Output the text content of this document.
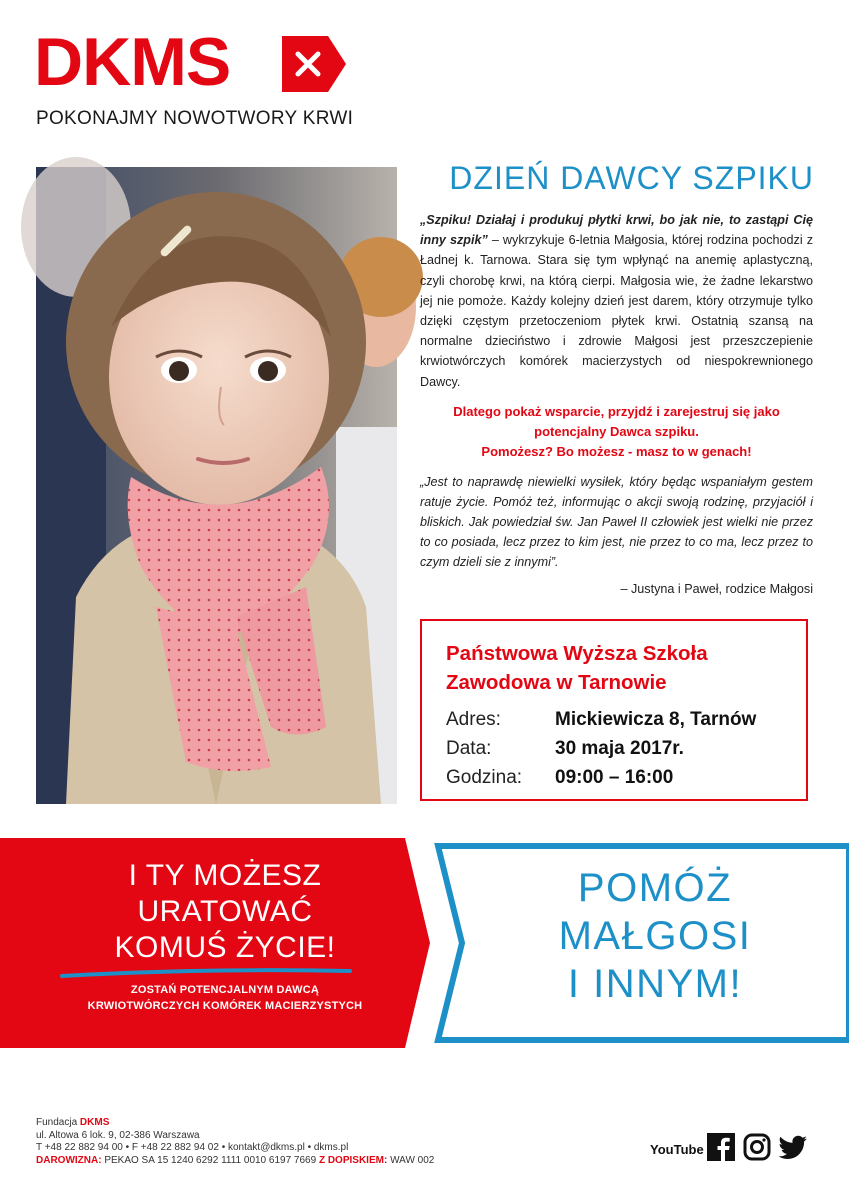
DKMS
POKONAJMY NOWOTWORY KRWI
DZIEŃ DAWCY SZPIKU
„Szpiku! Działaj i produkuj płytki krwi, bo jak nie, to zastąpi Cię inny szpik” – wykrzykuje 6-letnia Małgosia, której rodzina pochodzi z Ładnej k. Tarnowa. Stara się tym wpłynąć na anemię aplastyczną, czyli chorobę krwi, na którą cierpi. Małgosia wie, że żadne lekarstwo jej nie pomoże. Każdy kolejny dzień jest darem, który otrzymuje tylko dzięki częstym przetoczeniom płytek krwi. Ostatnią szansą na normalne dzieciństwo i zdrowie Małgosi jest przeszczepienie krwiotwórczych komórek macierzystych od niespokrewnionego Dawcy.
Dlatego pokaż wsparcie, przyjdź i zarejestruj się jako
potencjalny Dawca szpiku.
Pomożesz? Bo możesz - masz to w genach!
„Jest to naprawdę niewielki wysiłek, który będąc wspaniałym gestem ratuje życie. Pomóż też, informując o akcji swoją rodzinę, przyjaciół i bliskich. Jak powiedział św. Jan Paweł II człowiek jest wielki nie przez to co posiada, lecz przez to kim jest, nie przez to co ma, lecz przez to czym dzieli sie z innymi”.
– Justyna i Paweł, rodzice Małgosi
Państwowa Wyższa Szkoła
Zawodowa w Tarnowie
Adres:	Mickiewicza 8, Tarnów
Data:	30 maja 2017r.
Godzina: 09:00 – 16:00
I TY MOŻESZ
URATOWAĆ
KOMUŚ ŻYCIE!
ZOSTAŃ POTENCJALNYM DAWCĄ
KRWIOTWÓRCZYCH KOMÓREK MACIERZYSTYCH
POMÓŻ
MAŁGOSI
I INNYM!
Fundacja DKMS
ul. Altowa 6 lok. 9, 02-386 Warszawa
T +48 22 882 94 00 • F +48 22 882 94 02 • kontakt@dkms.pl • dkms.pl
DAROWIZNA: PEKAO SA 15 1240 6292 1111 0010 6197 7669 Z DOPISKIEM: WAW 002
YouTube
